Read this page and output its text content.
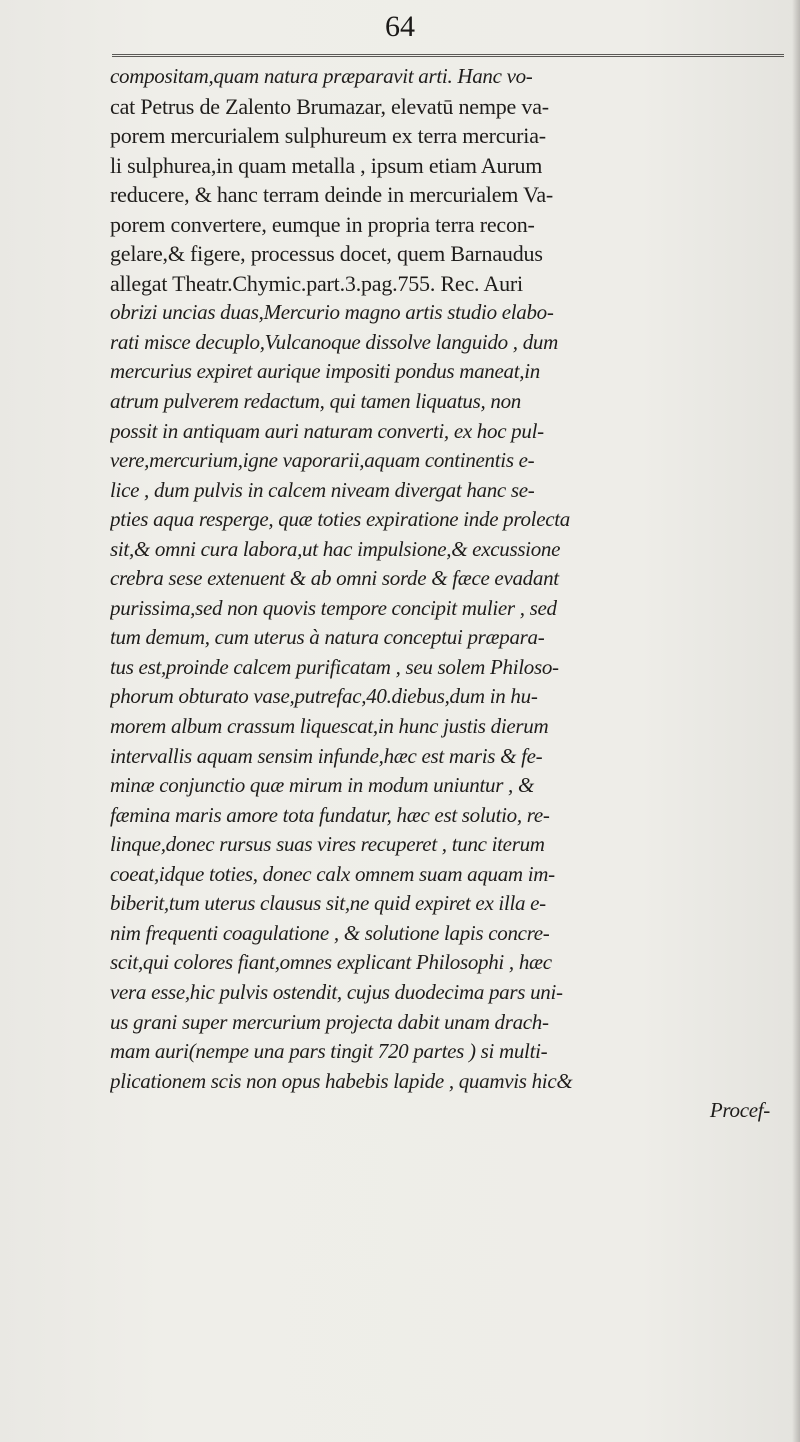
64
compositam,quam natura præparavit arti. Hanc vo-
cat Petrus de Zalento Brumazar, elevatū nempe va-
porem mercurialem sulphureum ex terra mercuria-
li sulphurea,in quam metalla , ipsum etiam Aurum
reducere, & hanc terram deinde in mercurialem Va-
porem convertere, eumque in propria terra recon-
gelare,& figere, processus docet, quem Barnaudus
allegat Theatr.Chymic.part.3.pag.755. Rec. Auri
obrizi uncias duas,Mercurio magno artis studio elabo-
rati misce decuplo,Vulcanoque dissolve languido , dum
mercurius expiret aurique impositi pondus maneat,in
atrum pulverem redactum, qui tamen liquatus, non
possit in antiquam auri naturam converti, ex hoc pul-
vere,mercurium,igne vaporarii,aquam continentis e-
lice , dum pulvis in calcem niveam divergat hanc se-
pties aqua resperge, quæ toties expiratione inde prolecta
sit,& omni cura labora,ut hac impulsione,& excussione
crebra sese extenuent & ab omni sorde & fæce evadant
purissima,sed non quovis tempore concipit mulier , sed
tum demum, cum uterus à natura conceptui præpara-
tus est,proinde calcem purificatam , seu solem Philoso-
phorum obturato vase,putrefac,40.diebus,dum in hu-
morem album crassum liquescat,in hunc justis dierum
intervallis aquam sensim infunde,hæc est maris & fe-
minæ conjunctio quæ mirum in modum uniuntur , &
fæmina maris amore tota fundatur, hæc est solutio, re-
linque,donec rursus suas vires recuperet , tunc iterum
coeat,idque toties, donec calx omnem suam aquam im-
biberit,tum uterus clausus sit,ne quid expiret ex illa e-
nim frequenti coagulatione , & solutione lapis concre-
scit,qui colores fiant,omnes explicant Philosophi , hæc
vera esse,hic pulvis ostendit, cujus duodecima pars uni-
us grani super mercurium projecta dabit unam drach-
mam auri(nempe una pars tingit 720 partes ) si multi-
plicationem scis non opus habebis lapide , quamvis hic&
Procef-
